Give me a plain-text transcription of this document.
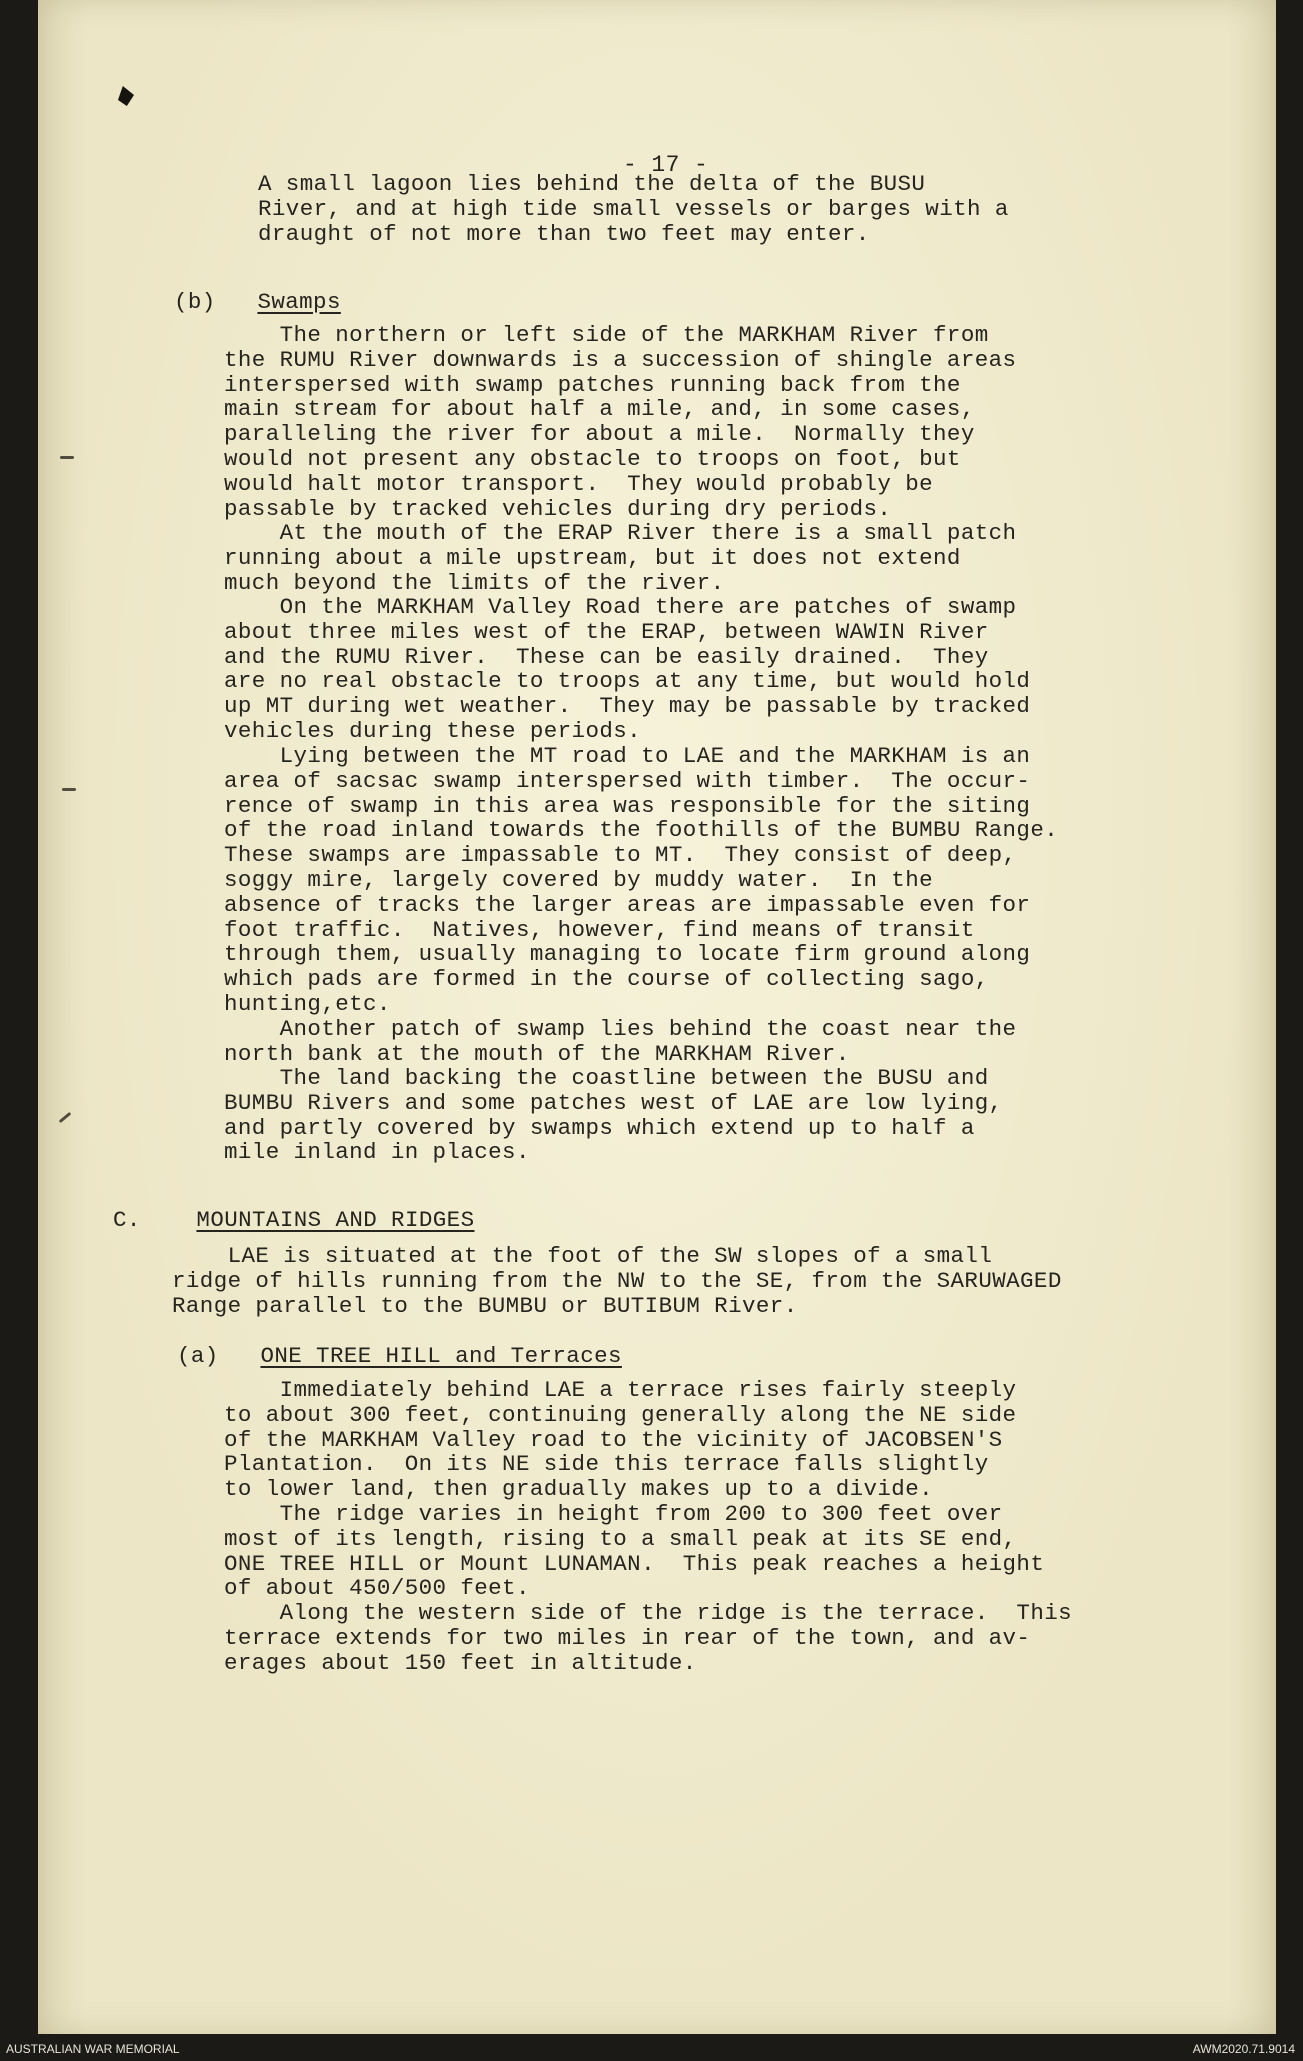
- 17 -
A small lagoon lies behind the delta of the BUSU
River, and at high tide small vessels or barges with a
draught of not more than two feet may enter.
(b) Swamps
The northern or left side of the MARKHAM River from
the RUMU River downwards is a succession of shingle areas
interspersed with swamp patches running back from the
main stream for about half a mile, and, in some cases,
paralleling the river for about a mile.  Normally they
would not present any obstacle to troops on foot, but
would halt motor transport.  They would probably be
passable by tracked vehicles during dry periods.
At the mouth of the ERAP River there is a small patch
running about a mile upstream, but it does not extend
much beyond the limits of the river.
On the MARKHAM Valley Road there are patches of swamp
about three miles west of the ERAP, between WAWIN River
and the RUMU River.  These can be easily drained.  They
are no real obstacle to troops at any time, but would hold
up MT during wet weather.  They may be passable by tracked
vehicles during these periods.
Lying between the MT road to LAE and the MARKHAM is an
area of sacsac swamp interspersed with timber.  The occur-
rence of swamp in this area was responsible for the siting
of the road inland towards the foothills of the BUMBU Range.
These swamps are impassable to MT.  They consist of deep,
soggy mire, largely covered by muddy water.  In the
absence of tracks the larger areas are impassable even for
foot traffic.  Natives, however, find means of transit
through them, usually managing to locate firm ground along
which pads are formed in the course of collecting sago,
hunting,etc.
Another patch of swamp lies behind the coast near the
north bank at the mouth of the MARKHAM River.
The land backing the coastline between the BUSU and
BUMBU Rivers and some patches west of LAE are low lying,
and partly covered by swamps which extend up to half a
mile inland in places.
C. MOUNTAINS AND RIDGES
LAE is situated at the foot of the SW slopes of a small
ridge of hills running from the NW to the SE, from the SARUWAGED
Range parallel to the BUMBU or BUTIBUM River.
(a) ONE TREE HILL and Terraces
Immediately behind LAE a terrace rises fairly steeply
to about 300 feet, continuing generally along the NE side
of the MARKHAM Valley road to the vicinity of JACOBSEN'S
Plantation.  On its NE side this terrace falls slightly
to lower land, then gradually makes up to a divide.
The ridge varies in height from 200 to 300 feet over
most of its length, rising to a small peak at its SE end,
ONE TREE HILL or Mount LUNAMAN.  This peak reaches a height
of about 450/500 feet.
Along the western side of the ridge is the terrace.  This
terrace extends for two miles in rear of the town, and av-
erages about 150 feet in altitude.
AUSTRALIAN WAR MEMORIAL	AWM2020.71.9014
